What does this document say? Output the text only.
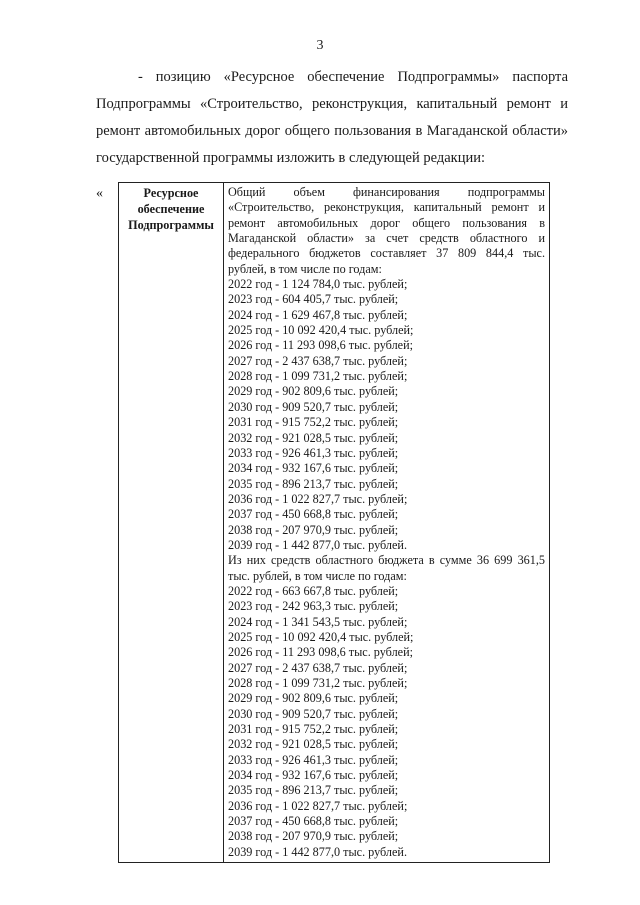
3

- позицию «Ресурсное обеспечение Подпрограммы» паспорта Подпрограммы «Строительство, реконструкция, капитальный ремонт и ремонт автомобильных дорог общего пользования в Магаданской области» государственной программы изложить в следующей редакции:

«	Ресурсное обеспечение Подпрограммы	
Общий объем финансирования подпрограммы «Строительство, реконструкция, капитальный ремонт и ремонт автомобильных дорог общего пользования в Магаданской области» за счет средств областного и федерального бюджетов составляет 37 809 844,4 тыс.
рублей, в том числе по годам:
2022 год - 1 124 784,0 тыс. рублей;
2023 год - 604 405,7 тыс. рублей;
2024 год - 1 629 467,8 тыс. рублей;
2025 год - 10 092 420,4 тыс. рублей;
2026 год - 11 293 098,6 тыс. рублей;
2027 год - 2 437 638,7 тыс. рублей;
2028 год - 1 099 731,2 тыс. рублей;
2029 год - 902 809,6 тыс. рублей;
2030 год - 909 520,7 тыс. рублей;
2031 год - 915 752,2 тыс. рублей;
2032 год - 921 028,5 тыс. рублей;
2033 год - 926 461,3 тыс. рублей;
2034 год - 932 167,6 тыс. рублей;
2035 год - 896 213,7 тыс. рублей;
2036 год - 1 022 827,7 тыс. рублей;
2037 год - 450 668,8 тыс. рублей;
2038 год - 207 970,9 тыс. рублей;
2039 год - 1 442 877,0 тыс. рублей.
Из них средств областного бюджета в сумме 36 699 361,5
тыс. рублей, в том числе по годам:
2022 год - 663 667,8 тыс. рублей;
2023 год - 242 963,3 тыс. рублей;
2024 год - 1 341 543,5 тыс. рублей;
2025 год - 10 092 420,4 тыс. рублей;
2026 год - 11 293 098,6 тыс. рублей;
2027 год - 2 437 638,7 тыс. рублей;
2028 год - 1 099 731,2 тыс. рублей;
2029 год - 902 809,6 тыс. рублей;
2030 год - 909 520,7 тыс. рублей;
2031 год - 915 752,2 тыс. рублей;
2032 год - 921 028,5 тыс. рублей;
2033 год - 926 461,3 тыс. рублей;
2034 год - 932 167,6 тыс. рублей;
2035 год - 896 213,7 тыс. рублей;
2036 год - 1 022 827,7 тыс. рублей;
2037 год - 450 668,8 тыс. рублей;
2038 год - 207 970,9 тыс. рублей;
2039 год - 1 442 877,0 тыс. рублей.
